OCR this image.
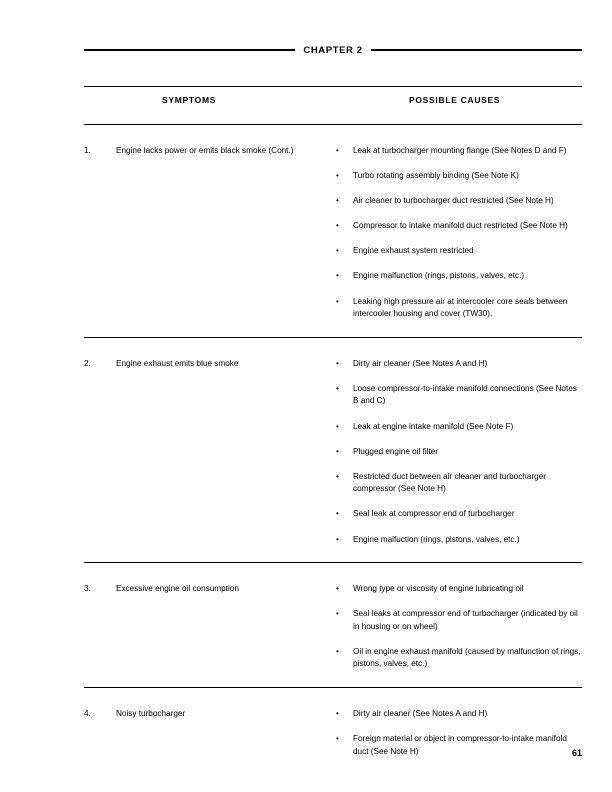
CHAPTER 2
SYMPTOMS	POSSIBLE CAUSES
1.	Engine lacks power or emits black smoke (Cont.)	•	Leak at turbocharger mounting flange (See Notes D and F)
•	Turbo rotating assembly binding (See Note K)
•	Air cleaner to turbocharger duct restricted (See Note H)
•	Compressor to intake manifold duct restricted (See Note H)
•	Engine exhaust system restricted
•	Engine malfunction (rings, pistons, valves, etc.)
•	Leaking high pressure air at intercooler core seals between intercooler housing and cover (TW30).
2.	Engine exhaust emits blue smoke	•	Dirty air cleaner (See Notes A and H)
•	Loose compressor-to-intake manifold connections (See Notes B and C)
•	Leak at engine intake manifold (See Note F)
•	Plugged engine oil filter
•	Restricted duct between air cleaner and turbocharger compressor (See Note H)
•	Seal leak at compressor end of turbocharger
•	Engine malfuction (rings, pistons, valves, etc.)
3.	Excessive engine oil consumption	•	Wrong type or viscosity of engine lubricating oil
•	Seal leaks at compressor end of turbocharger (indicated by oil in housing or on wheel)
•	Oil in engine exhaust manifold (caused by malfunction of rings, pistons, valves, etc.)
4.	Noisy turbocharger	•	Dirty air cleaner (See Notes A and H)
•	Foreign material or object in compressor-to-intake manifold duct (See Note H)	61
